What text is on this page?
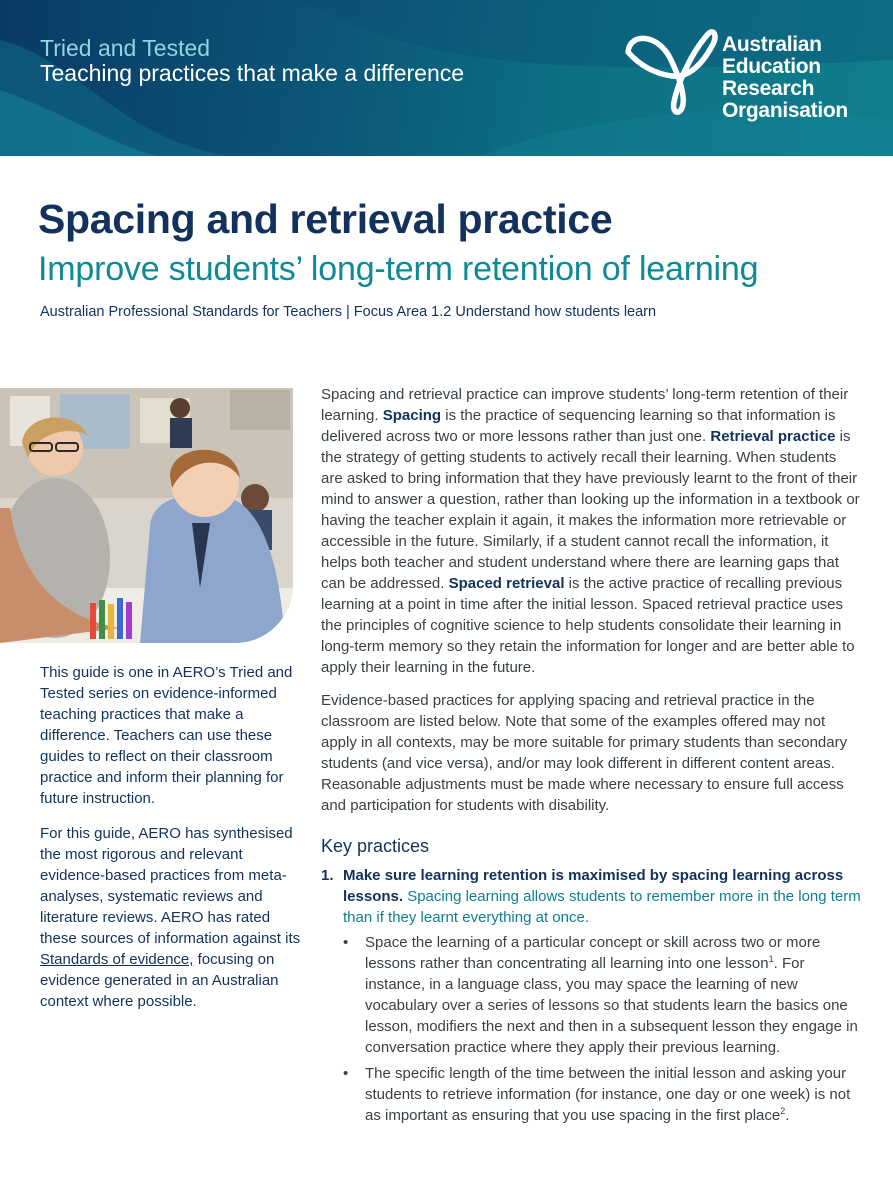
Tried and Tested
Teaching practices that make a difference
Australian
Education
Research
Organisation
Spacing and retrieval practice
Improve students’ long-term retention of learning
Australian Professional Standards for Teachers | Focus Area 1.2 Understand how students learn

This guide is one in AERO’s Tried and Tested series on evidence-informed teaching practices that make a difference. Teachers can use these guides to reflect on their classroom practice and inform their planning for future instruction.

For this guide, AERO has synthesised the most rigorous and relevant evidence-based practices from meta-analyses, systematic reviews and literature reviews. AERO has rated these sources of information against its Standards of evidence, focusing on evidence generated in an Australian context where possible.

Spacing and retrieval practice can improve students’ long-term retention of their learning. Spacing is the practice of sequencing learning so that information is delivered across two or more lessons rather than just one. Retrieval practice is the strategy of getting students to actively recall their learning. When students are asked to bring information that they have previously learnt to the front of their mind to answer a question, rather than looking up the information in a textbook or having the teacher explain it again, it makes the information more retrievable or accessible in the future. Similarly, if a student cannot recall the information, it helps both teacher and student understand where there are learning gaps that can be addressed. Spaced retrieval is the active practice of recalling previous learning at a point in time after the initial lesson. Spaced retrieval practice uses the principles of cognitive science to help students consolidate their learning in long-term memory so they retain the information for longer and are better able to apply their learning in the future.

Evidence-based practices for applying spacing and retrieval practice in the classroom are listed below. Note that some of the examples offered may not apply in all contexts, may be more suitable for primary students than secondary students (and vice versa), and/or may look different in different content areas. Reasonable adjustments must be made where necessary to ensure full access and participation for students with disability.

Key practices
1. Make sure learning retention is maximised by spacing learning across lessons. Spacing learning allows students to remember more in the long term than if they learnt everything at once.
• Space the learning of a particular concept or skill across two or more lessons rather than concentrating all learning into one lesson$^1$. For instance, in a language class, you may space the learning of new vocabulary over a series of lessons so that students learn the basics one lesson, modifiers the next and then in a subsequent lesson they engage in conversation practice where they apply their previous learning.
• The specific length of the time between the initial lesson and asking your students to retrieve information (for instance, one day or one week) is not as important as ensuring that you use spacing in the first place$^2$.
